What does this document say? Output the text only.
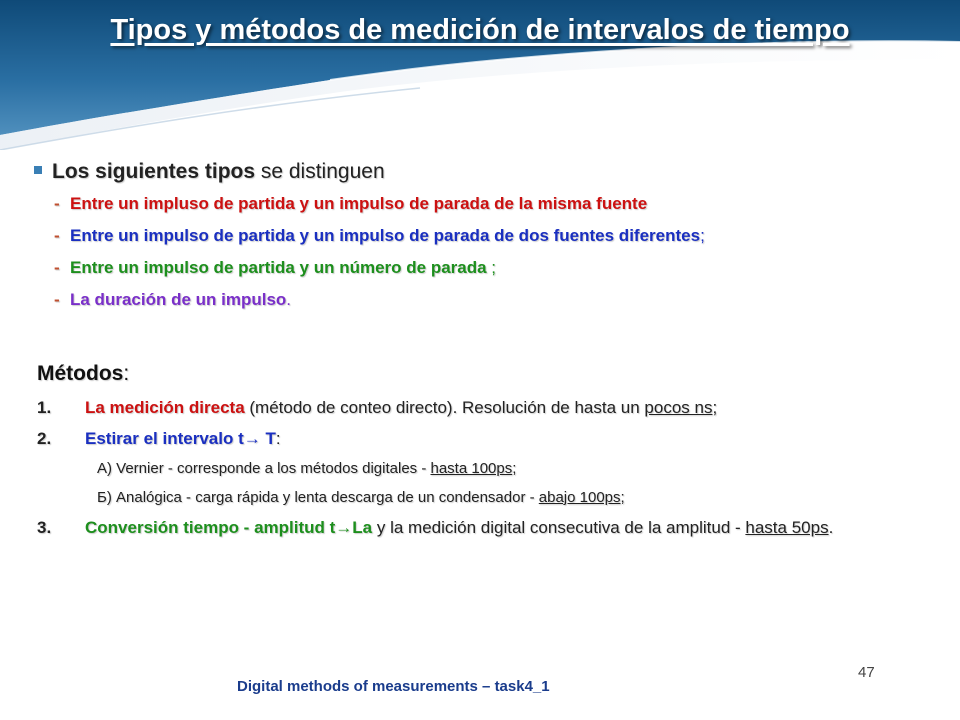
Tipos y métodos de medición de intervalos de tiempo
Los siguientes tipos se distinguen
- Entre un impluso de partida y un impulso de parada de la misma fuente
- Entre un impulso de partida y un impulso de parada de dos fuentes diferentes;
- Entre un impulso de partida y un número de parada ;
- La duración de un impulso.
Métodos:
1. La medición directa (método de conteo directo). Resolución de hasta un pocos ns;
2. Estirar el intervalo t→ T:
А) Vernier - corresponde a los métodos digitales - hasta 100ps;
Б) Analógica - carga rápida y lenta descarga de un condensador - abajo 100ps;
3. Conversión tiempo - amplitud t→La y la medición digital consecutiva de la amplitud - hasta 50ps.
47
Digital methods of measurements – task4_1
